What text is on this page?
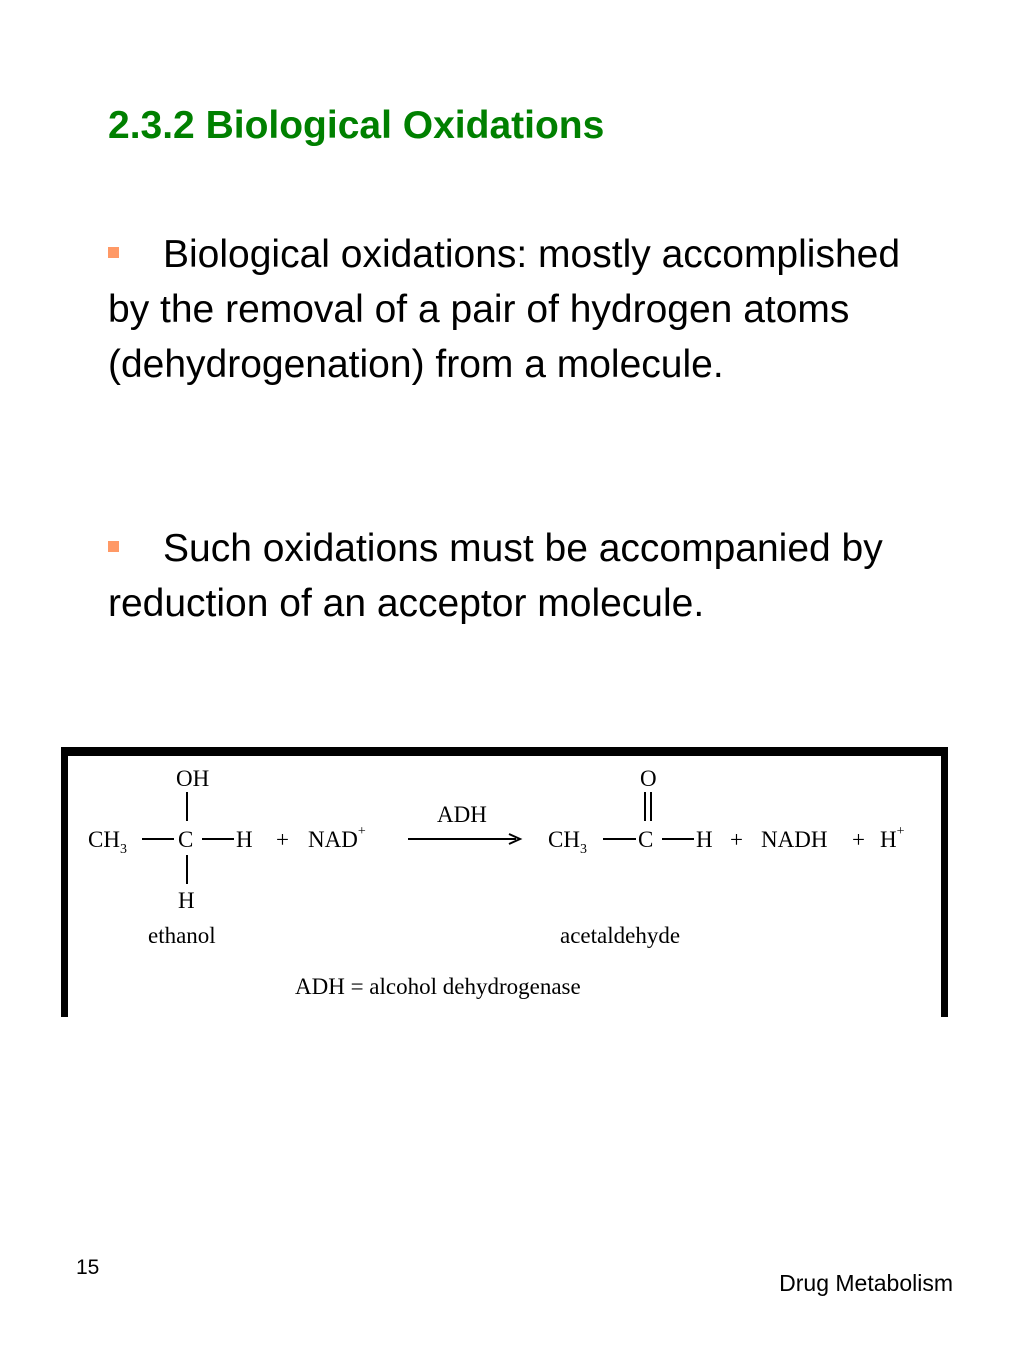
2.3.2 Biological Oxidations

Biological oxidations: mostly accomplished by the removal of a pair of hydrogen atoms (dehydrogenation) from a molecule.

Such oxidations must be accompanied by reduction of an acceptor molecule.

$CH_3$ C H
OH
H
ethanol
+ NAD+
ADH
$CH_3$ C H
O
acetaldehyde
+ NADH + H+
ADH = alcohol dehydrogenase
15
Drug Metabolism
